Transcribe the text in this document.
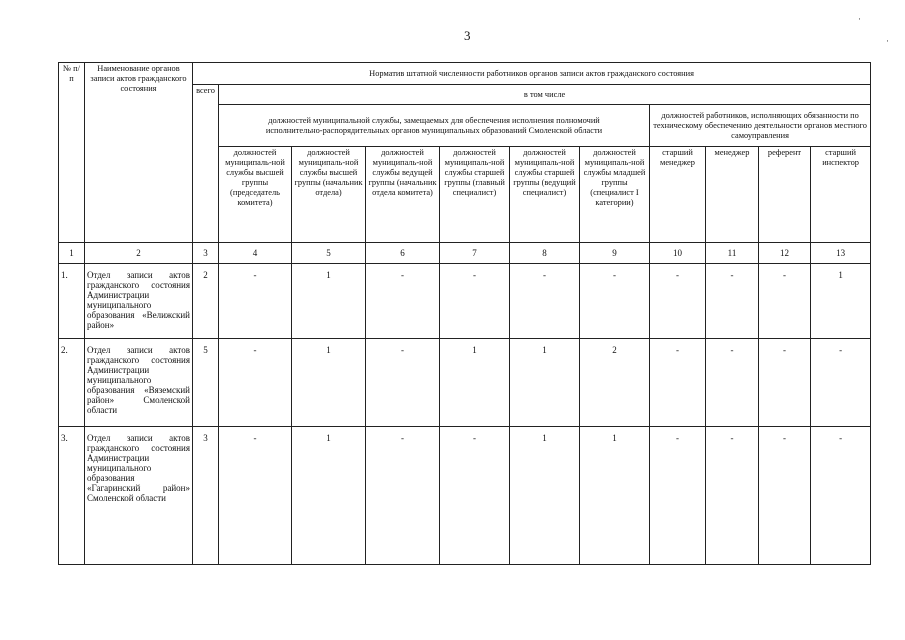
3
№ п/п	Наименование органов записи актов гражданского состояния	Норматив штатной численности работников органов записи актов гражданского состояния										
		всего	в том числе									
			должностей муниципальной службы, замещаемых для обеспечения исполнения полномочий исполнительно-распорядительных органов муниципальных образований Смоленской области						должностей работников, исполняющих обязанности по техническому обеспечению деятельности органов местного самоуправления			
			должностей муниципаль-ной службы высшей группы (председатель комитета)	должностей муниципаль-ной службы высшей группы (начальник отдела)	должностей муниципаль-ной службы ведущей группы (начальник отдела комитета)	должностей муниципаль-ной службы старшей группы (главный специалист)	должностей муниципаль-ной службы старшей группы (ведущий специалист)	должностей муниципаль-ной службы младшей группы (специалист I категории)	старший менеджер	менеджер	референт	старший инспектор
1	2	3	4	5	6	7	8	9	10	11	12	13
1.	Отдел записи актов гражданского состояния Администрации муниципального образования «Велижский район»	2	-	1	-	-	-	-	-	-	-	1
2.	Отдел записи актов гражданского состояния Администрации муниципального образования «Вяземский район» Смоленской области	5	-	1	-	1	1	2	-	-	-	-
3.	Отдел записи актов гражданского состояния Администрации муниципального образования «Гагаринский район» Смоленской области	3	-	1	-	-	1	1	-	-	-	-
·
·
